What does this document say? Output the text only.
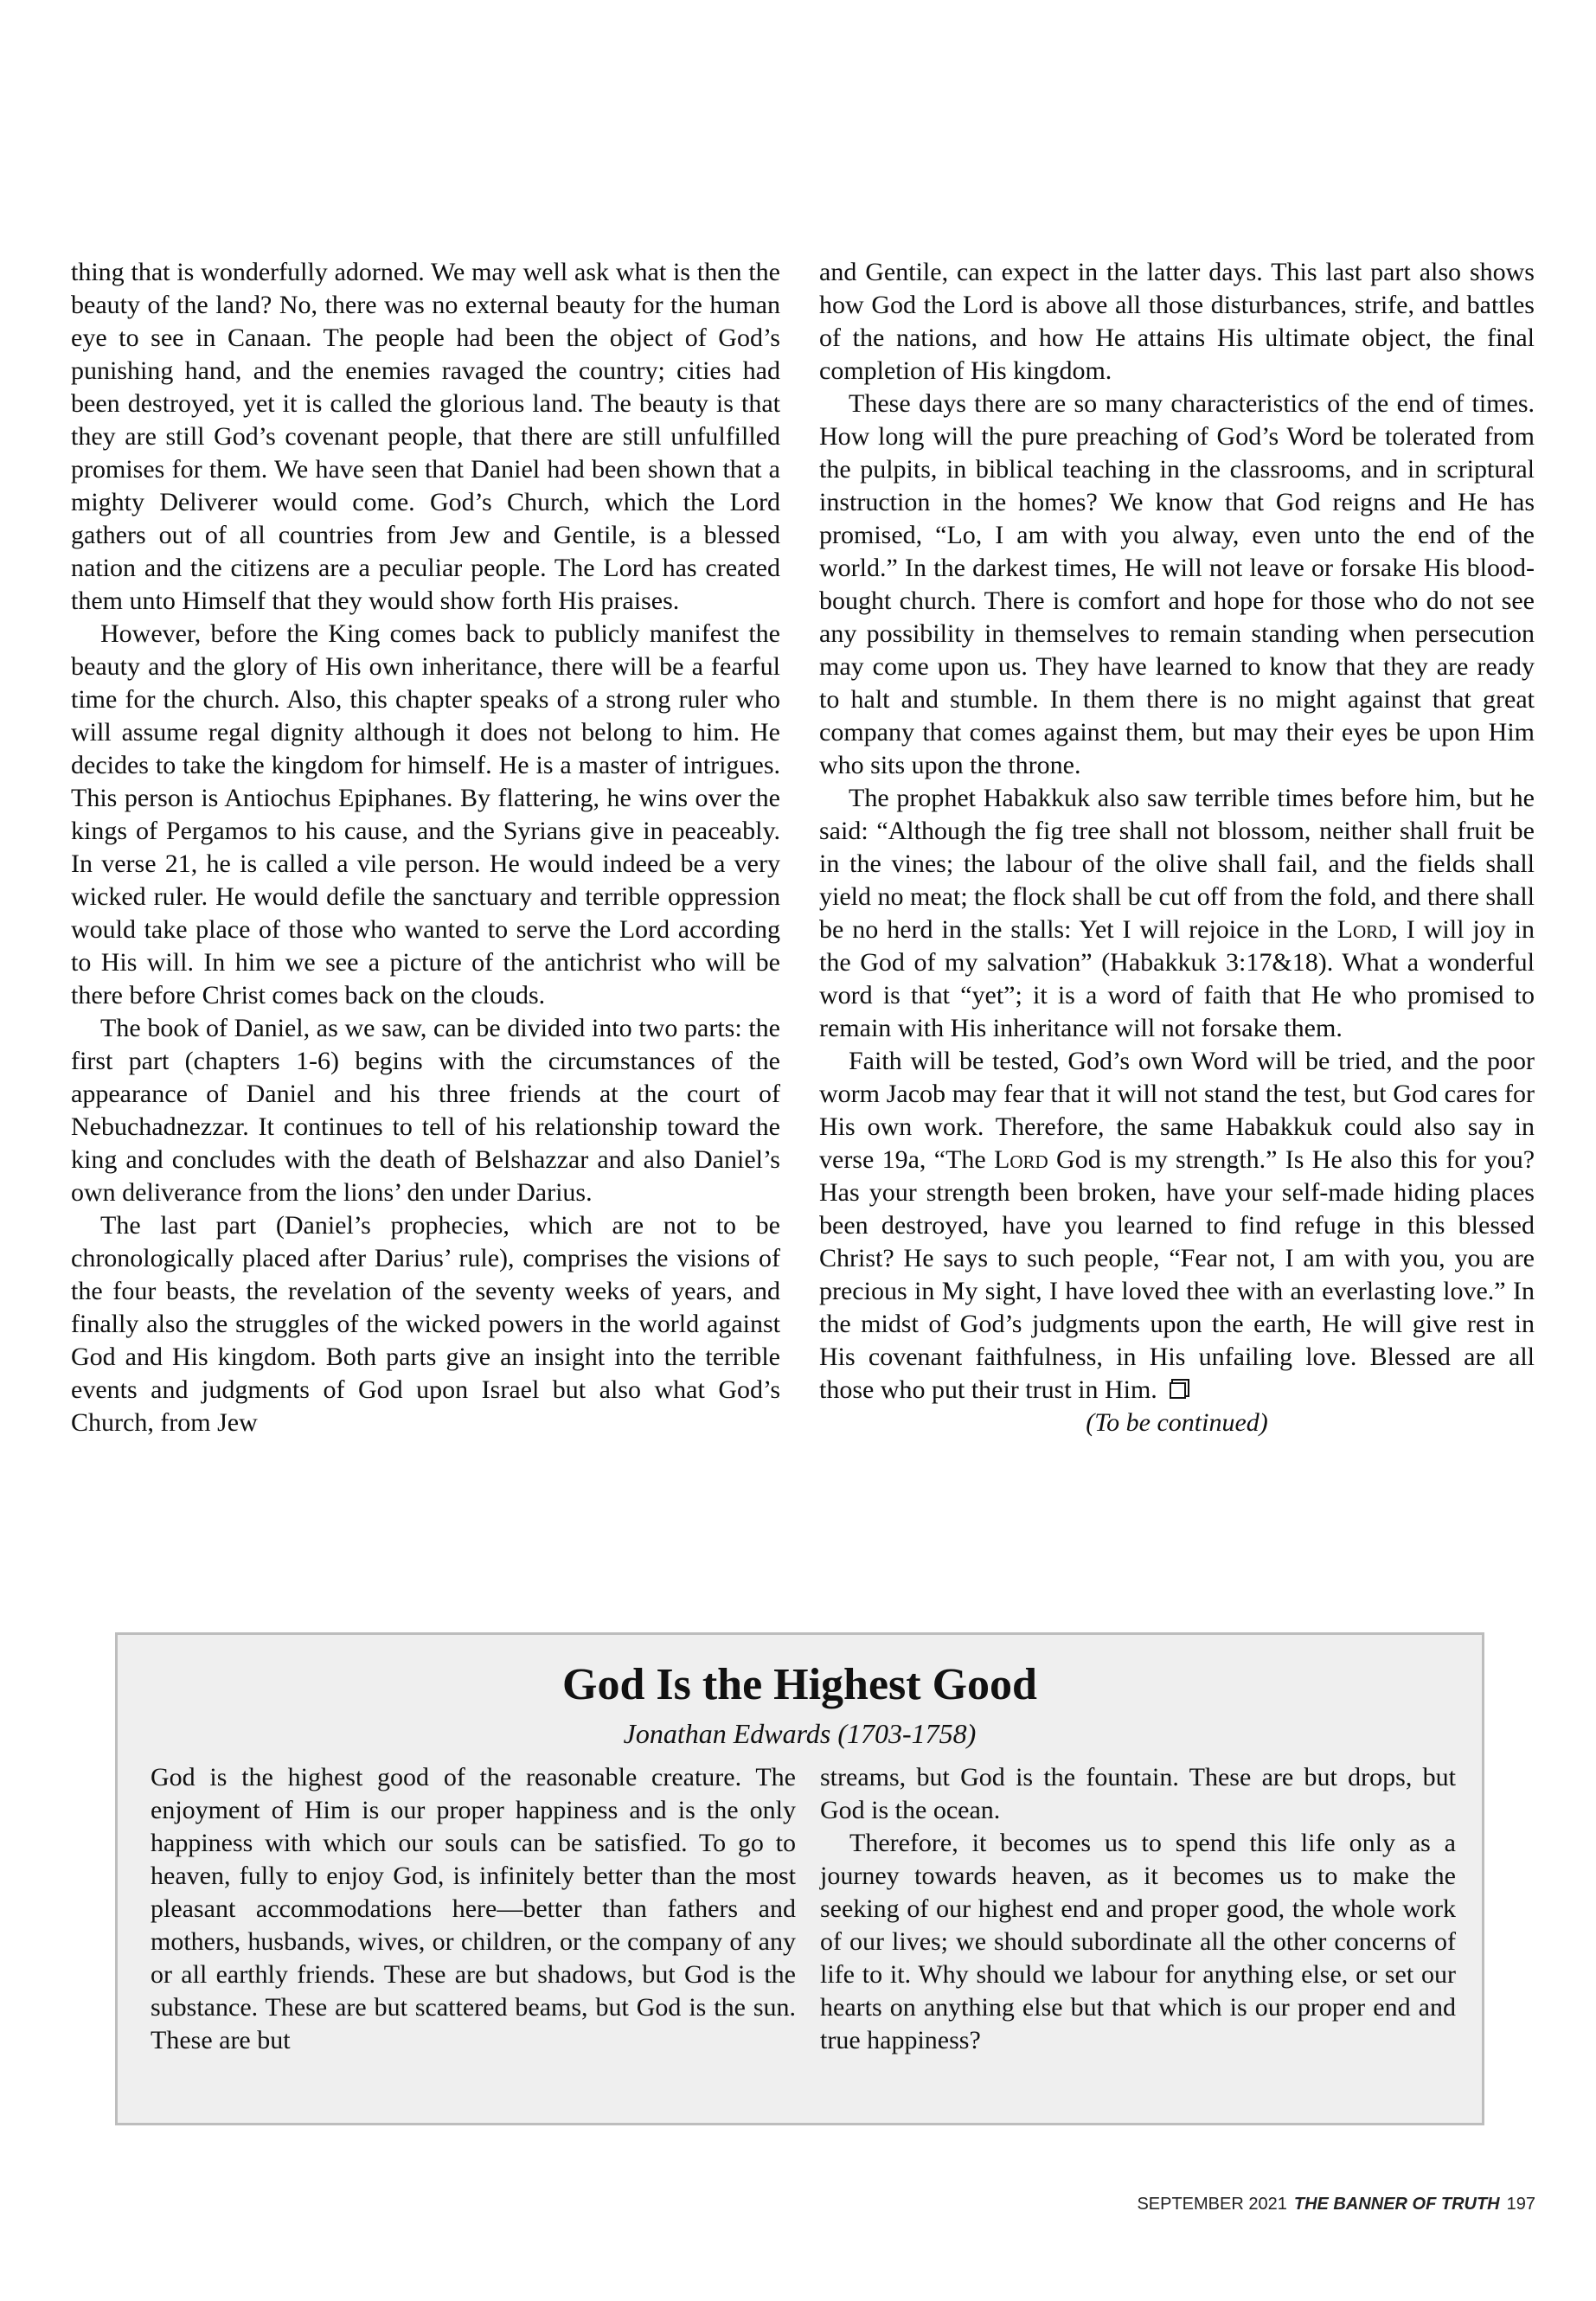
thing that is wonderfully adorned. We may well ask what is then the beauty of the land? No, there was no external beauty for the human eye to see in Canaan. The people had been the object of God’s punishing hand, and the enemies ravaged the country; cities had been destroyed, yet it is called the glorious land. The beauty is that they are still God’s covenant people, that there are still unfulfilled promises for them. We have seen that Daniel had been shown that a mighty Deliverer would come. God’s Church, which the Lord gathers out of all countries from Jew and Gentile, is a blessed nation and the citizens are a peculiar people. The Lord has created them unto Himself that they would show forth His praises.

However, before the King comes back to publicly manifest the beauty and the glory of His own inheritance, there will be a fearful time for the church. Also, this chapter speaks of a strong ruler who will assume regal dignity although it does not belong to him. He decides to take the kingdom for himself. He is a master of intrigues. This person is Antiochus Epiphanes. By flattering, he wins over the kings of Pergamos to his cause, and the Syrians give in peaceably. In verse 21, he is called a vile person. He would indeed be a very wicked ruler. He would defile the sanctuary and terrible oppression would take place of those who wanted to serve the Lord according to His will. In him we see a picture of the antichrist who will be there before Christ comes back on the clouds.

The book of Daniel, as we saw, can be divided into two parts: the first part (chapters 1-6) begins with the circumstances of the appearance of Daniel and his three friends at the court of Nebuchadnezzar. It continues to tell of his relationship toward the king and concludes with the death of Belshazzar and also Daniel’s own deliverance from the lions’ den under Darius.

The last part (Daniel’s prophecies, which are not to be chronologically placed after Darius’ rule), comprises the visions of the four beasts, the revelation of the seventy weeks of years, and finally also the struggles of the wicked powers in the world against God and His kingdom. Both parts give an insight into the terrible events and judgments of God upon Israel but also what God’s Church, from Jew

and Gentile, can expect in the latter days. This last part also shows how God the Lord is above all those disturbances, strife, and battles of the nations, and how He attains His ultimate object, the final completion of His kingdom.

These days there are so many characteristics of the end of times. How long will the pure preaching of God’s Word be tolerated from the pulpits, in biblical teaching in the classrooms, and in scriptural instruction in the homes? We know that God reigns and He has promised, “Lo, I am with you alway, even unto the end of the world.” In the darkest times, He will not leave or forsake His blood-bought church. There is comfort and hope for those who do not see any possibility in themselves to remain standing when persecution may come upon us. They have learned to know that they are ready to halt and stumble. In them there is no might against that great company that comes against them, but may their eyes be upon Him who sits upon the throne.

The prophet Habakkuk also saw terrible times before him, but he said: “Although the fig tree shall not blossom, neither shall fruit be in the vines; the labour of the olive shall fail, and the fields shall yield no meat; the flock shall be cut off from the fold, and there shall be no herd in the stalls: Yet I will rejoice in the Lord, I will joy in the God of my salvation” (Habakkuk 3:17&18). What a wonderful word is that “yet”; it is a word of faith that He who promised to remain with His inheritance will not forsake them.

Faith will be tested, God’s own Word will be tried, and the poor worm Jacob may fear that it will not stand the test, but God cares for His own work. Therefore, the same Habakkuk could also say in verse 19a, “The Lord God is my strength.” Is He also this for you? Has your strength been broken, have your self-made hiding places been destroyed, have you learned to find refuge in this blessed Christ? He says to such people, “Fear not, I am with you, you are precious in My sight, I have loved thee with an everlasting love.” In the midst of God’s judgments upon the earth, He will give rest in His covenant faithfulness, in His unfailing love. Blessed are all those who put their trust in Him.

(To be continued)

God Is the Highest Good
Jonathan Edwards (1703-1758)

God is the highest good of the reasonable creature. The enjoyment of Him is our proper happiness and is the only happiness with which our souls can be satisfied. To go to heaven, fully to enjoy God, is infinitely better than the most pleasant accommodations here—better than fathers and mothers, husbands, wives, or children, or the company of any or all earthly friends. These are but shadows, but God is the substance. These are but scattered beams, but God is the sun. These are but

streams, but God is the fountain. These are but drops, but God is the ocean.

Therefore, it becomes us to spend this life only as a journey towards heaven, as it becomes us to make the seeking of our highest end and proper good, the whole work of our lives; we should subordinate all the other concerns of life to it. Why should we labour for anything else, or set our hearts on anything else but that which is our proper end and true happiness?

SEPTEMBER 2021 THE BANNER OF TRUTH 197
